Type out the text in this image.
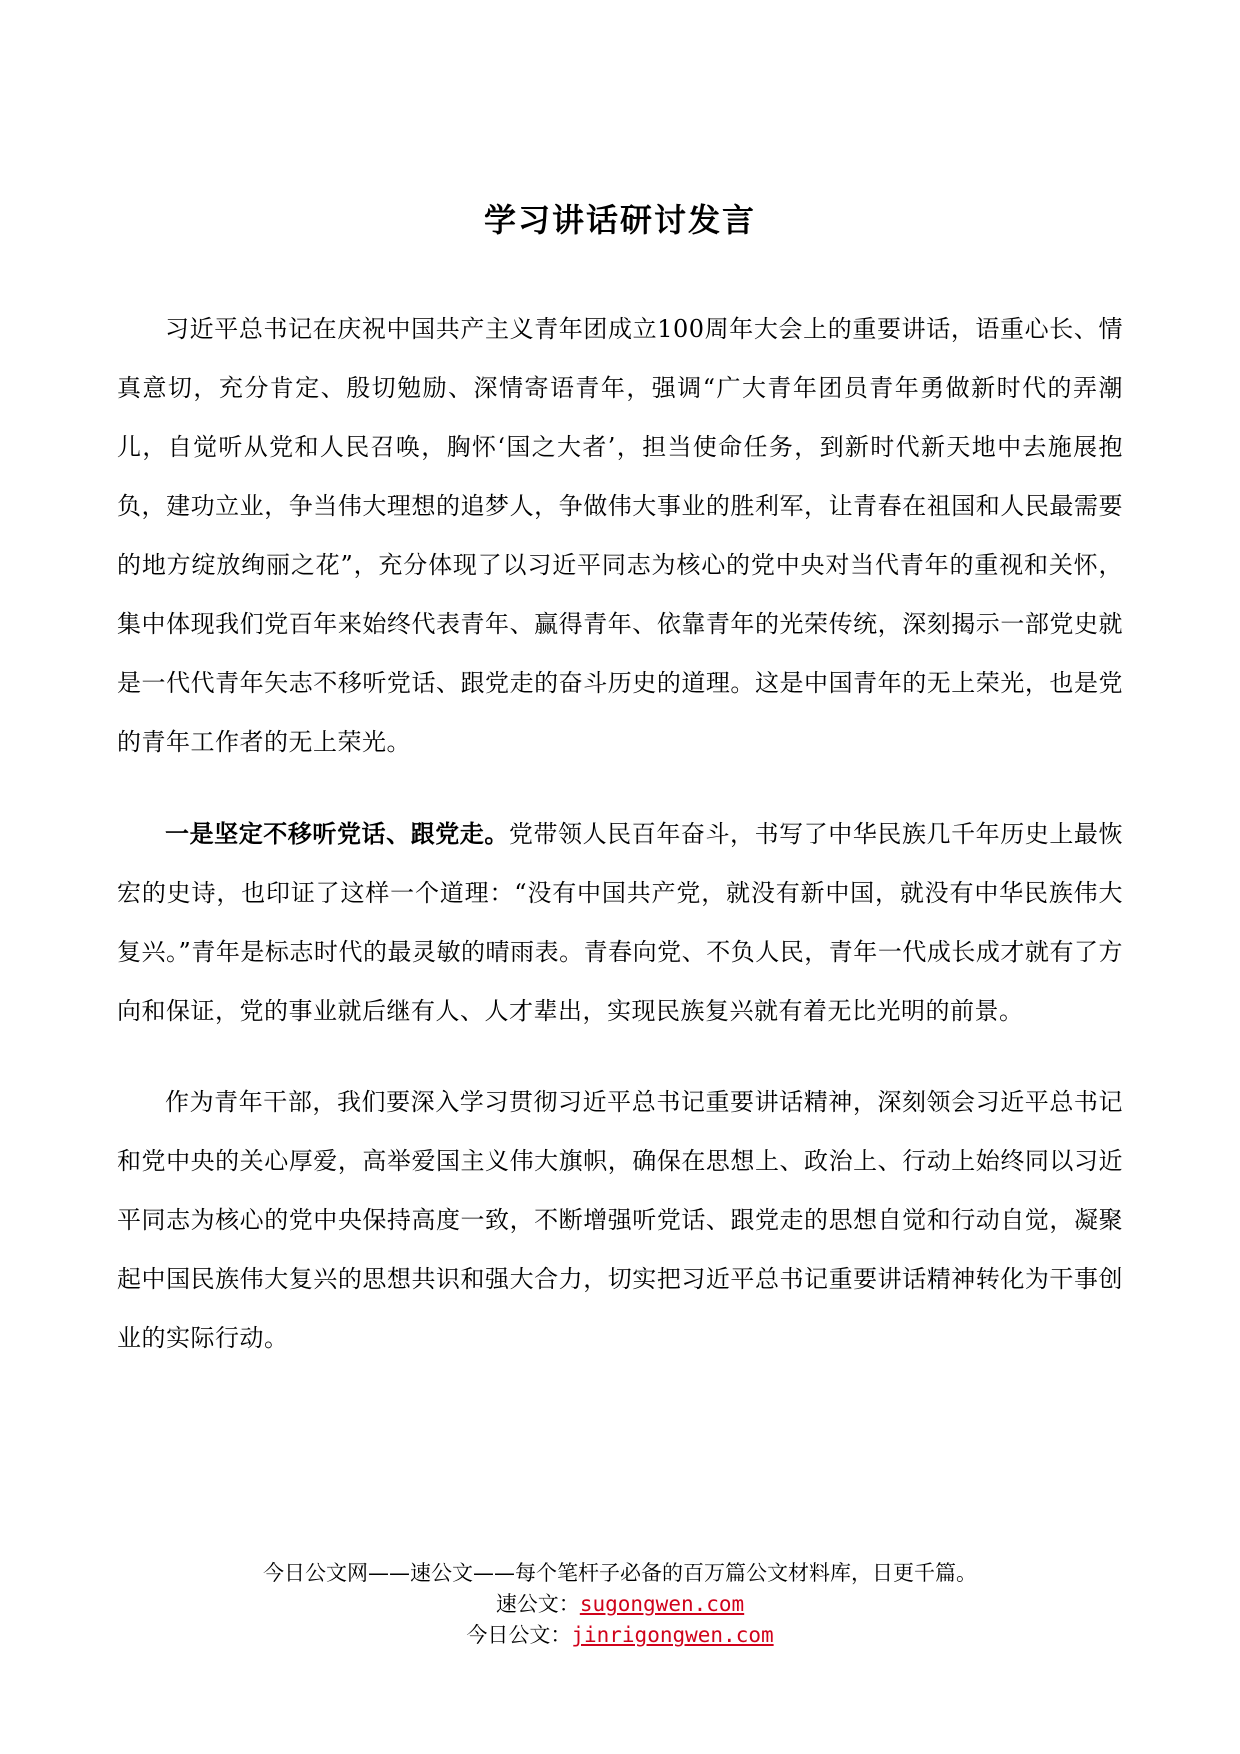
学习讲话研讨发言

习近平总书记在庆祝中国共产主义青年团成立100周年大会上的重要讲话，语重心长、情真意切，充分肯定、殷切勉励、深情寄语青年，强调“广大青年团员青年勇做新时代的弄潮儿，自觉听从党和人民召唤，胸怀‘国之大者’，担当使命任务，到新时代新天地中去施展抱负，建功立业，争当伟大理想的追梦人，争做伟大事业的胜利军，让青春在祖国和人民最需要的地方绽放绚丽之花”，充分体现了以习近平同志为核心的党中央对当代青年的重视和关怀，集中体现我们党百年来始终代表青年、赢得青年、依靠青年的光荣传统，深刻揭示一部党史就是一代代青年矢志不移听党话、跟党走的奋斗历史的道理。这是中国青年的无上荣光，也是党的青年工作者的无上荣光。

一是坚定不移听党话、跟党走。党带领人民百年奋斗，书写了中华民族几千年历史上最恢宏的史诗，也印证了这样一个道理：“没有中国共产党，就没有新中国，就没有中华民族伟大复兴。”青年是标志时代的最灵敏的晴雨表。青春向党、不负人民，青年一代成长成才就有了方向和保证，党的事业就后继有人、人才辈出，实现民族复兴就有着无比光明的前景。

作为青年干部，我们要深入学习贯彻习近平总书记重要讲话精神，深刻领会习近平总书记和党中央的关心厚爱，高举爱国主义伟大旗帜，确保在思想上、政治上、行动上始终同以习近平同志为核心的党中央保持高度一致，不断增强听党话、跟党走的思想自觉和行动自觉，凝聚起中国民族伟大复兴的思想共识和强大合力，切实把习近平总书记重要讲话精神转化为干事创业的实际行动。

今日公文网——速公文——每个笔杆子必备的百万篇公文材料库，日更千篇。
速公文：sugongwen.com
今日公文：jinrigongwen.com
